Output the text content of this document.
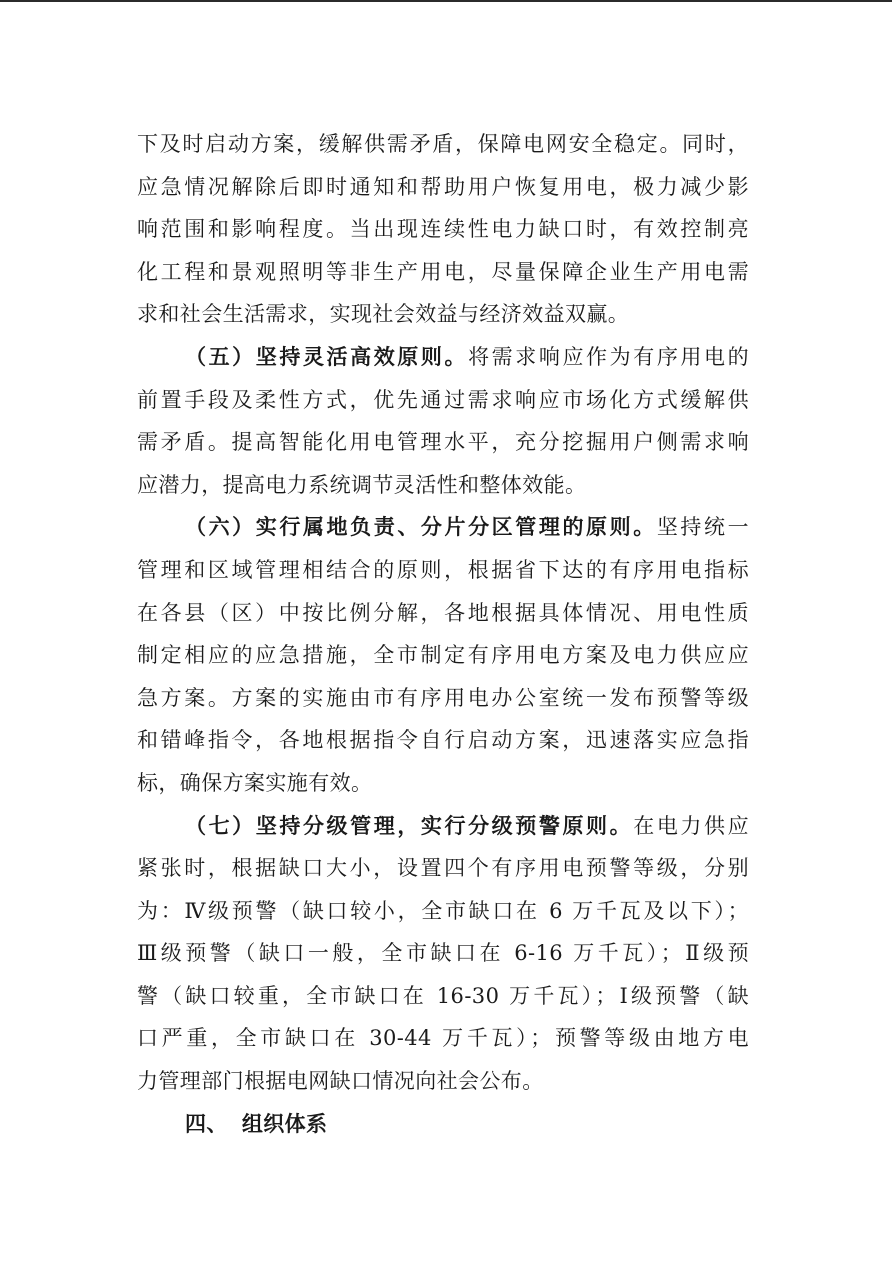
下及时启动方案，缓解供需矛盾，保障电网安全稳定。同时，

应急情况解除后即时通知和帮助用户恢复用电，极力减少影

响范围和影响程度。当出现连续性电力缺口时，有效控制亮

化工程和景观照明等非生产用电，尽量保障企业生产用电需

求和社会生活需求，实现社会效益与经济效益双赢。

（五）坚持灵活高效原则。将需求响应作为有序用电的

前置手段及柔性方式，优先通过需求响应市场化方式缓解供

需矛盾。提高智能化用电管理水平，充分挖掘用户侧需求响

应潜力，提高电力系统调节灵活性和整体效能。

（六）实行属地负责、分片分区管理的原则。坚持统一

管理和区域管理相结合的原则，根据省下达的有序用电指标

在各县（区）中按比例分解，各地根据具体情况、用电性质

制定相应的应急措施，全市制定有序用电方案及电力供应应

急方案。方案的实施由市有序用电办公室统一发布预警等级

和错峰指令，各地根据指令自行启动方案，迅速落实应急指

标，确保方案实施有效。

（七）坚持分级管理，实行分级预警原则。在电力供应

紧张时，根据缺口大小，设置四个有序用电预警等级，分别

为：Ⅳ级预警（缺口较小，全市缺口在 6 万千瓦及以下）；

Ⅲ级预警（缺口一般，全市缺口在 6-16 万千瓦）；Ⅱ级预

警（缺口较重，全市缺口在 16-30 万千瓦）；Ⅰ级预警（缺

口严重，全市缺口在 30-44 万千瓦）；预警等级由地方电

力管理部门根据电网缺口情况向社会公布。

四、 组织体系
